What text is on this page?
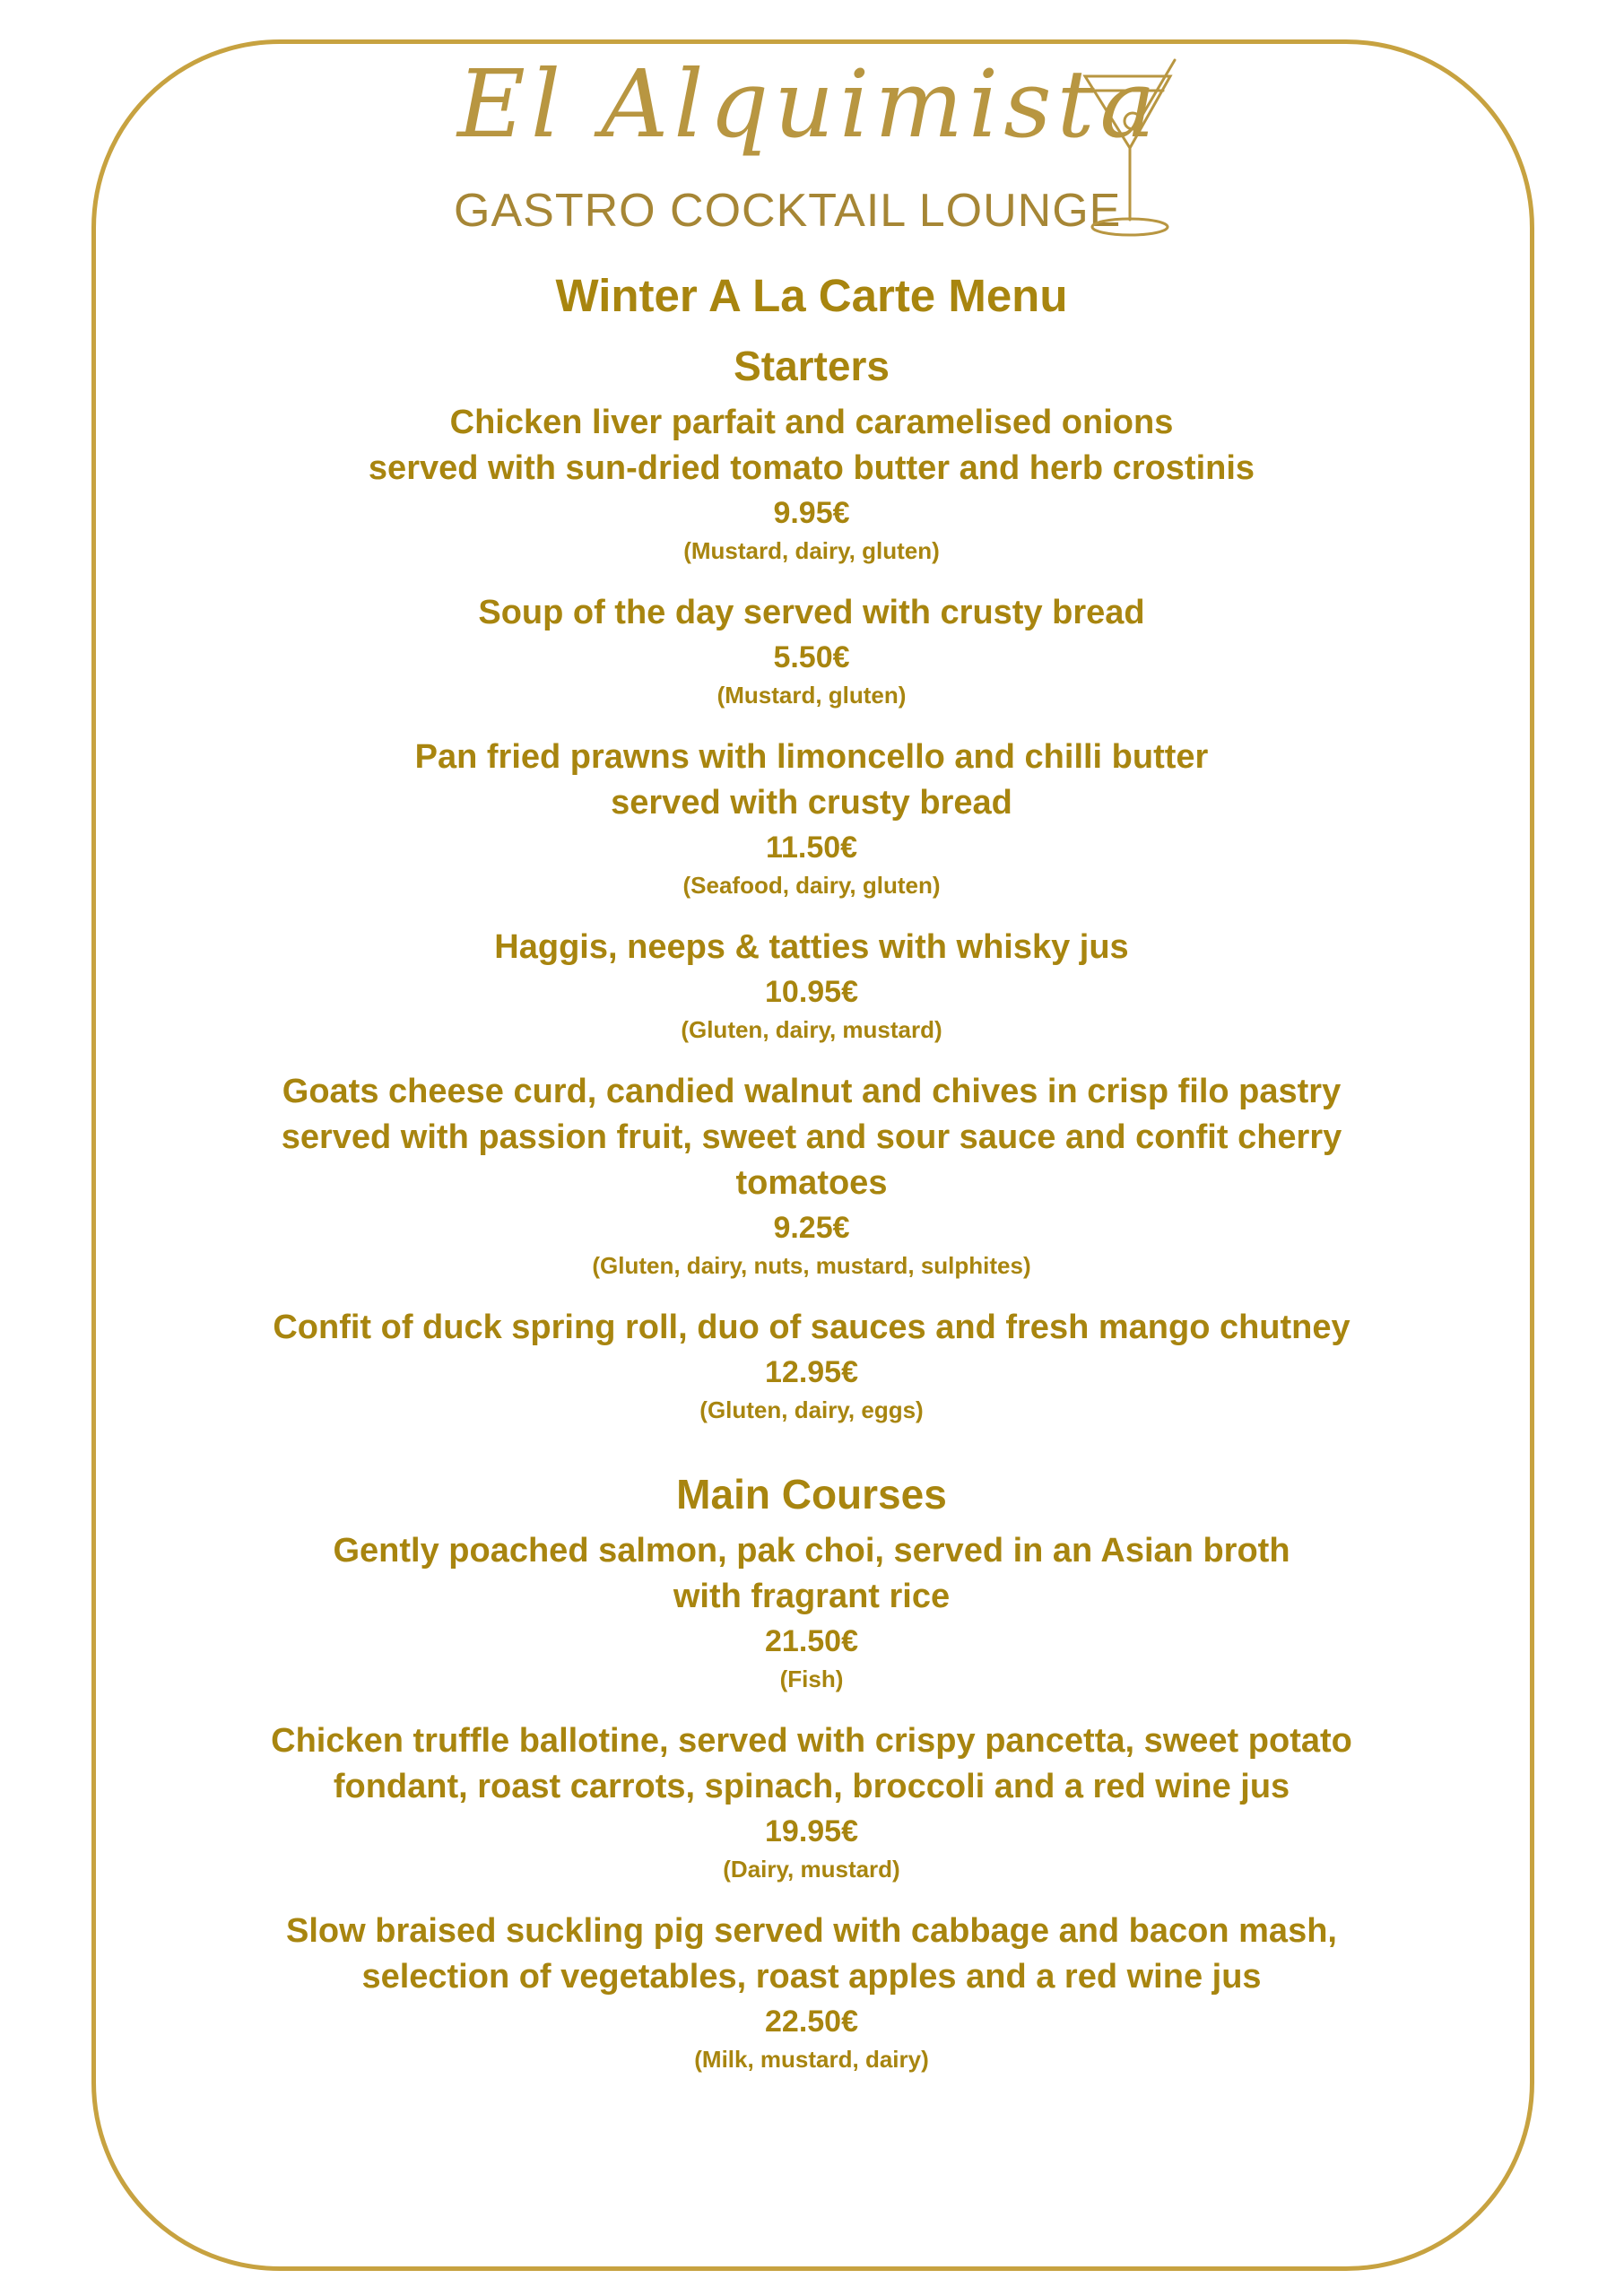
El Alquimista
GASTRO COCKTAIL LOUNGE
Winter A La Carte Menu
Starters
Chicken liver parfait and caramelised onions
served with sun-dried tomato butter and herb crostinis
9.95€
(Mustard, dairy, gluten)
Soup of the day served with crusty bread
5.50€
(Mustard, gluten)
Pan fried prawns with limoncello and chilli butter
served with crusty bread
11.50€
(Seafood, dairy, gluten)
Haggis, neeps & tatties with whisky jus
10.95€
(Gluten, dairy, mustard)
Goats cheese curd, candied walnut and chives in crisp filo pastry
served with passion fruit, sweet and sour sauce and confit cherry
tomatoes
9.25€
(Gluten, dairy, nuts, mustard, sulphites)
Confit of duck spring roll, duo of sauces and fresh mango chutney
12.95€
(Gluten, dairy, eggs)
Main Courses
Gently poached salmon, pak choi, served in an Asian broth
with fragrant rice
21.50€
(Fish)
Chicken truffle ballotine, served with crispy pancetta, sweet potato
fondant, roast carrots, spinach, broccoli and a red wine jus
19.95€
(Dairy, mustard)
Slow braised suckling pig served with cabbage and bacon mash,
selection of vegetables, roast apples and a red wine jus
22.50€
(Milk, mustard, dairy)
